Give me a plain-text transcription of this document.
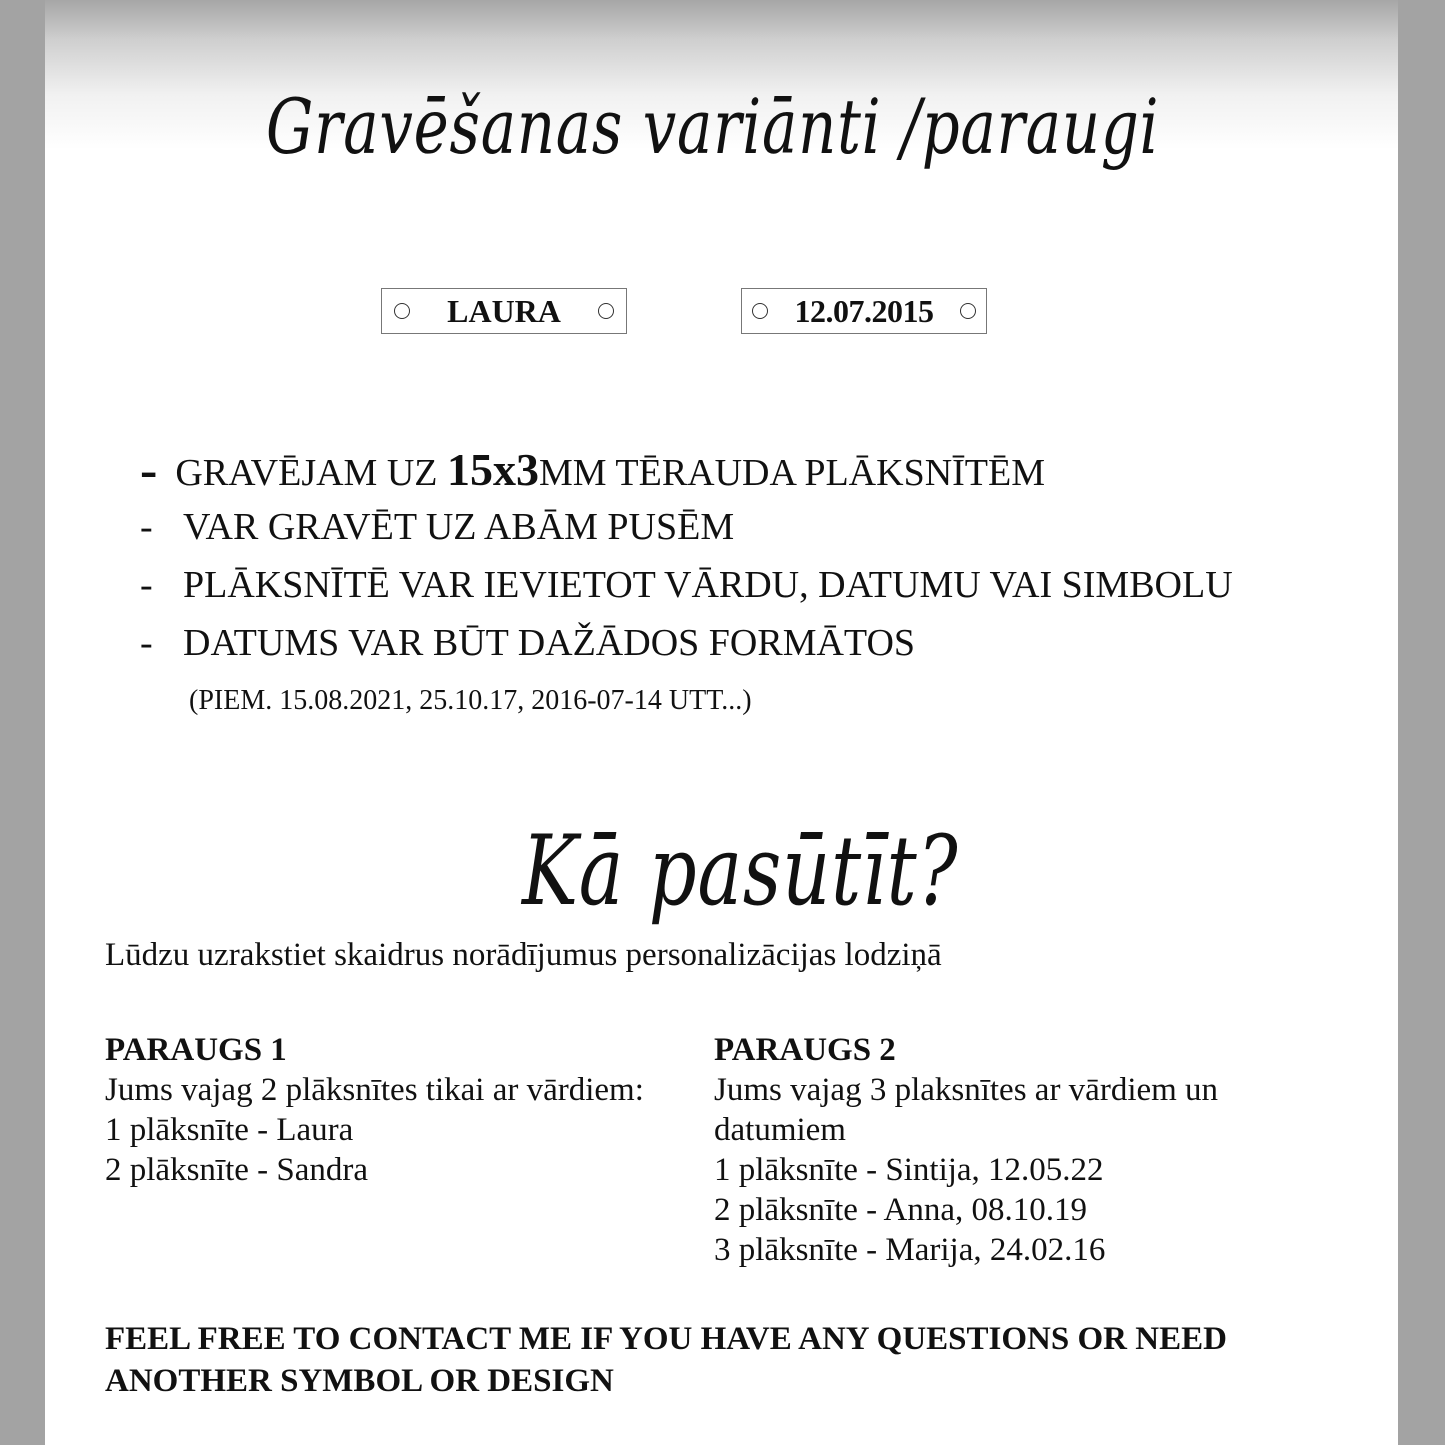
Gravēšanas variānti /paraugi
LAURA	12.07.2015
- GRAVĒJAM UZ 15x3MM TĒRAUDA PLĀKSNĪTĒM
- VAR GRAVĒT UZ ABĀM PUSĒM
- PLĀKSNĪTĒ VAR IEVIETOT VĀRDU, DATUMU VAI SIMBOLU
- DATUMS VAR BŪT DAŽĀDOS FORMĀTOS
(PIEM. 15.08.2021, 25.10.17, 2016-07-14 UTT...)
Kā pasūtīt?
Lūdzu uzrakstiet skaidrus norādījumus personalizācijas lodziņā
PARAUGS 1
Jums vajag 2 plāksnītes tikai ar vārdiem:
1 plāksnīte - Laura
2 plāksnīte - Sandra
PARAUGS 2
Jums vajag 3 plaksnītes ar vārdiem un datumiem
1 plāksnīte - Sintija, 12.05.22
2 plāksnīte - Anna, 08.10.19
3 plāksnīte - Marija, 24.02.16
FEEL FREE TO CONTACT ME IF YOU HAVE ANY QUESTIONS OR NEED ANOTHER SYMBOL OR DESIGN
